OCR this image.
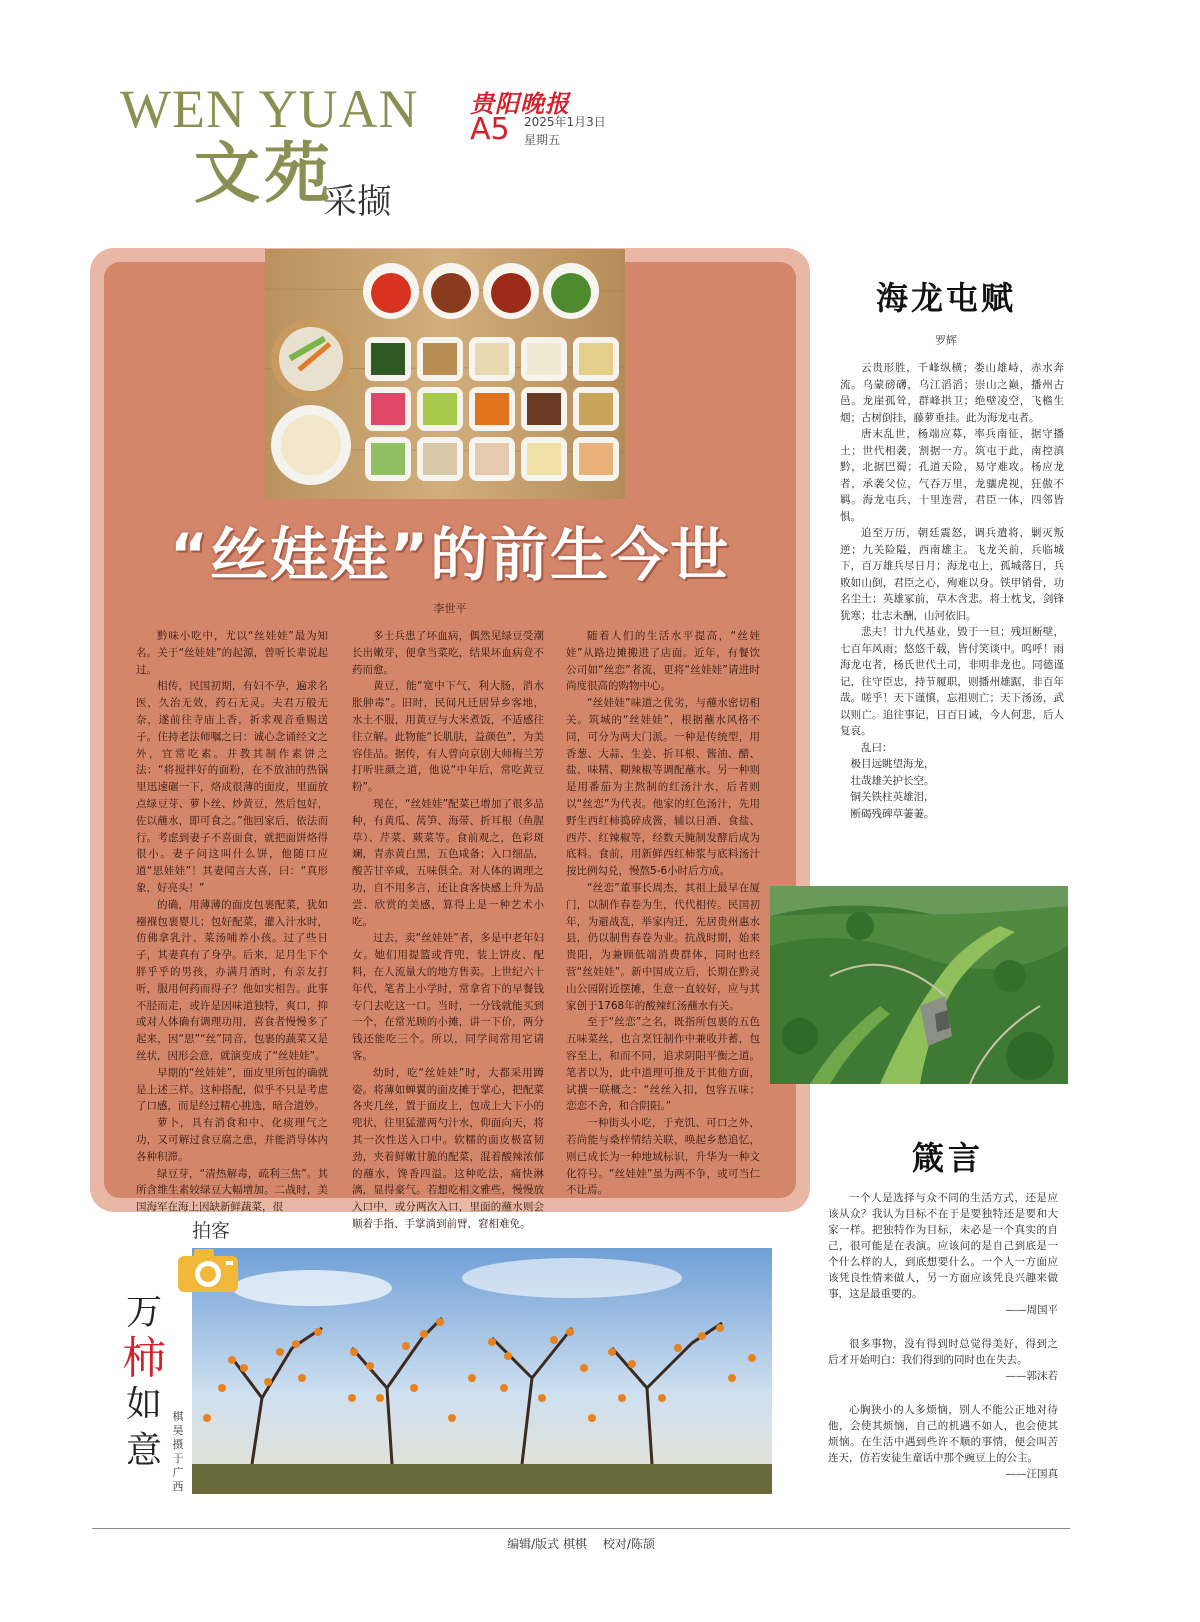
WEN YUAN
文苑
采撷
贵阳晚报
A5 2025年1月3日
星期五
“丝娃娃”的前生今世
李世平

黔味小吃中，尤以“丝娃娃”最为知名。关于“丝娃娃”的起源，曾听长辈说起过。

相传，民国初期，有妇不孕，遍求名医，久治无效，药石无灵。夫君万般无奈，遂前往寺庙上香，祈求观音垂赐送子。住持老法师嘱之曰：诚心念诵经文之外，宜常吃素。并教其制作素饼之法：“将搅拌好的面粉，在不放油的热锅里迅速碾一下，烙成很薄的面皮，里面放点绿豆芽、萝卜丝、炒黄豆，然后包好，佐以蘸水，即可食之。”他回家后，依法而行。考虑到妻子不喜面食，就把面饼烙得很小。妻子问这叫什么饼，他随口应道“思娃娃”！其妻闻言大喜，曰：“真形象，好亮头！”

的确，用薄薄的面皮包裹配菜，犹如襁褓包裹婴儿；包好配菜，灌入汁水时，仿佛拿乳汁、菜汤哺养小孩。过了些日子，其妻真有了身孕。后来，足月生下个胖乎乎的男孩，办满月酒时，有亲友打听，服用何药而得子？他如实相告。此事不胫而走，或许是因味道独特，爽口，抑或对人体确有调理功用，喜食者慢慢多了起来，因“思”“丝”同音，包裹的蔬菜又是丝状，因形会意，就演变成了“丝娃娃”。

早期的“丝娃娃”，面皮里所包的确就是上述三样。这种搭配，似乎不只是考虑了口感，而是经过精心挑选，暗合道妙。

萝卜，具有消食和中、化痰理气之功，又可解过食豆腐之患，并能消导体内各种积滞。

绿豆芽，“清热解毒，疏利三焦”。其所含维生素较绿豆大幅增加。二战时，美国海军在海上因缺新鲜蔬菜，很

多士兵患了坏血病，偶然见绿豆受潮长出嫩芽，便拿当菜吃，结果坏血病竟不药而愈。

黄豆，能“宽中下气，利大肠，消水胀肿毒”。旧时，民间凡迁居异乡客地，水土不服，用黄豆与大米煮饭，不适感往往立解。此物能“长肌肤，益颜色”，为美容佳品。据传，有人曾向京剧大师梅兰芳打听驻颜之道，他说“中年后，常吃黄豆粉”。

现在，“丝娃娃”配菜已增加了很多品种，有黄瓜、莴笋、海带、折耳根（鱼腥草）、芹菜、蕨菜等。食前观之，色彩斑斓，青赤黄白黑，五色咸备；入口细品，酸苦甘辛咸，五味俱全。对人体的调理之功，自不用多言，还让食客快感上升为品尝、欣赏的美感，算得上是一种艺术小吃。

过去，卖“丝娃娃”者，多是中老年妇女。她们用提篮或背兜，装上饼皮、配料，在人流量大的地方售卖。上世纪六十年代，笔者上小学时，常拿省下的早餐钱专门去吃这一口。当时，一分钱就能买到一个，在常光顾的小摊，讲一下价，两分钱还能吃三个。所以，同学间常用它请客。

幼时，吃“丝娃娃”时，大都采用蹲姿。将薄如蝉翼的面皮摊于掌心，把配菜各夹几丝，置于面皮上，包成上大下小的兜状，往里猛灌两勺汁水，仰面向天，将其一次性送入口中。软糯的面皮极富韧劲，夹着鲜嫩甘脆的配菜，混着酸辣浓郁的蘸水，馋香四溢。这种吃法，痛快淋漓，显得豪气。若想吃相文雅些，慢慢放入口中，或分两次入口，里面的蘸水则会顺着手指、手掌淌到前臂，窘相难免。

随着人们的生活水平提高，“丝娃娃”从路边摊搬进了店面。近年，有餐饮公司如“丝恋”者流，更将“丝娃娃”请进时尚度很高的购物中心。

“丝娃娃”味道之优劣，与蘸水密切相关。筑城的“丝娃娃”，根据蘸水风格不同，可分为两大门派。一种是传统型，用香葱、大蒜、生姜、折耳根、酱油、醋、盐、味精、糊辣椒等调配蘸水。另一种则是用番茄为主熬制的红汤汁水，后者则以“丝恋”为代表。他家的红色汤汁，先用野生西红柿捣碎成酱，辅以日酒、食盐、西芹、红辣椒等，经数天腌制发酵后成为底料。食前，用新鲜西红柿浆与底料汤汁按比例勾兑，慢熬5-6小时后方成。

“丝恋”董事长周杰，其祖上最早在厦门，以制作春卷为生，代代相传。民国初年，为避战乱，举家内迁，先居贵州惠水县，仍以制售春卷为业。抗战时期，始来贵阳，为兼顾低端消费群体，同时也经营“丝娃娃”。新中国成立后，长期在黔灵山公园附近摆摊，生意一直较好，应与其家创于1768年的酸辣红汤蘸水有关。

至于“丝恋”之名，既指所包裹的五色五味菜丝，也言烹饪制作中兼收并蓄，包容至上，和而不同，追求阴阳平衡之道。笔者以为，此中道理可推及于其他方面，试撰一联概之：“丝丝入扣，包容五味；恋恋不舍，和合阴阳。”

一种街头小吃，于充饥、可口之外，若尚能与桑梓情结关联，唤起乡愁追忆，则已成长为一种地域标识，升华为一种文化符号。“丝娃娃”虽为两不争，或可当仁不让焉。

海龙屯赋
罗辉

云贵形胜，千峰纵横；娄山雄峙，赤水奔流。乌蒙磅礴，乌江滔滔；崇山之巅，播州古邑。龙崖孤耸，群峰拱卫；绝壁凌空，飞檐生烟；古树倒挂，藤萝垂挂。此为海龙屯者。

唐末乱世，杨端应募，率兵南征，据守播土；世代相袭，割据一方。筑屯于此，南控滇黔，北据巴蜀；孔道天险，易守难攻。杨应龙者，承袭父位，气吞万里，龙骧虎视，狂傲不羁。海龙屯兵，十里连营，君臣一体，四邻皆惧。

追至万历，朝廷震怒，调兵遣将，剿灭叛逆；九关险隘，西南雄主。飞龙关前，兵临城下，百万雄兵尽日月；海龙屯上，孤城落日，兵败如山倒，君臣之心，殉难以身。铁甲销骨，功名尘土；英雄冢前，草木含悲。将士枕戈，剑锋犹寒；壮志未酬，山河依旧。

悲夫！廿九代基业，毁于一旦；残垣断壁，七百年风雨；悠悠千载，皆付笑谈中。呜呼！雨海龙屯者，杨氏世代土司，非明非龙也。同德谨记，往守臣忠，持节履职，则播州雄踞，非百年哉。嗟乎！天下谨慎，忘祖则亡；天下汤汤，武以则亡。追往事记，日百日诫，今人何悲，后人复哀。

乱曰：

极目远眺望海龙，

壮哉雄关护长空。

铜关铁柱英雄泪，

断碣残碑草萋萋。

箴言

一个人是选择与众不同的生活方式，还是应该从众？我认为目标不在于是要独特还是要和大家一样。把独特作为目标，未必是一个真实的自己，很可能是在表演。应该问的是自己到底是一个什么样的人，到底想要什么。一个人一方面应该凭良性情来做人，另一方面应该凭良兴趣来做事，这是最重要的。

——周国平

很多事物，没有得到时总觉得美好，得到之后才开始明白：我们得到的同时也在失去。

——郭沫若

心胸狭小的人多烦恼，别人不能公正地对待他，会使其烦恼，自己的机遇不如人，也会使其烦恼。在生活中遇到些许不顺的事情，便会叫苦连天，仿若安徒生童话中那个豌豆上的公主。

——汪国真

拍客
万
柿
如
意
棋昊 摄于广西
编辑/版式 棋棋 校对/陈颉
